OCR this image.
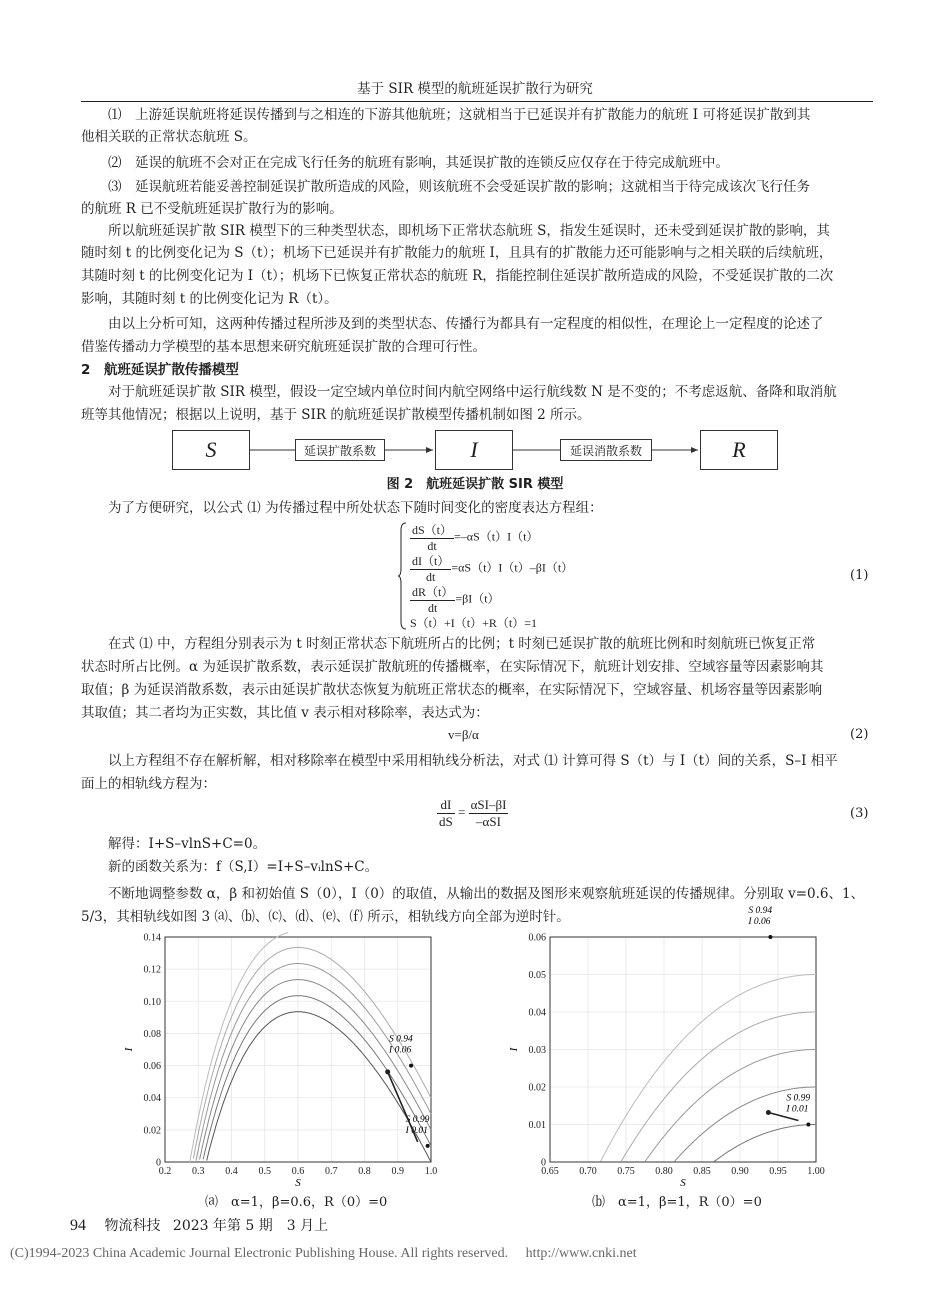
基于 SIR 模型的航班延误扩散行为研究
⑴　上游延误航班将延误传播到与之相连的下游其他航班；这就相当于已延误并有扩散能力的航班 I 可将延误扩散到其
他相关联的正常状态航班 S。
⑵　延误的航班不会对正在完成飞行任务的航班有影响，其延误扩散的连锁反应仅存在于待完成航班中。
⑶　延误航班若能妥善控制延误扩散所造成的风险，则该航班不会受延误扩散的影响；这就相当于待完成该次飞行任务
的航班 R 已不受航班延误扩散行为的影响。
所以航班延误扩散 SIR 模型下的三种类型状态，即机场下正常状态航班 S，指发生延误时，还未受到延误扩散的影响，其
随时刻 t 的比例变化记为 S（t）；机场下已延误并有扩散能力的航班 I，且具有的扩散能力还可能影响与之相关联的后续航班，
其随时刻 t 的比例变化记为 I（t）；机场下已恢复正常状态的航班 R，指能控制住延误扩散所造成的风险，不受延误扩散的二次
影响，其随时刻 t 的比例变化记为 R（t）。
由以上分析可知，这两种传播过程所涉及到的类型状态、传播行为都具有一定程度的相似性，在理论上一定程度的论述了
借鉴传播动力学模型的基本思想来研究航班延误扩散的合理可行性。
2　航班延误扩散传播模型
对于航班延误扩散 SIR 模型，假设一定空域内单位时间内航空网络中运行航线数 N 是不变的；不考虑返航、备降和取消航
班等其他情况；根据以上说明，基于 SIR 的航班延误扩散模型传播机制如图 2 所示。
S	延误扩散系数	I	延误消散系数	R
图 2　航班延误扩散 SIR 模型
为了方便研究，以公式 ⑴ 为传播过程中所处状态下随时间变化的密度表达方程组：
$\frac{dS(t)}{dt} =-\alpha S(t)I(t)$
$\frac{dI(t)}{dt} =\alpha S(t)I(t)-\beta I(t)$
$\frac{dR(t)}{dt} =\beta I(t)$
S（t）+I（t）+R（t）=1
(1)
在式 ⑴ 中，方程组分别表示为 t 时刻正常状态下航班所占的比例；t 时刻已延误扩散的航班比例和时刻航班已恢复正常
状态时所占比例。α 为延误扩散系数，表示延误扩散航班的传播概率，在实际情况下，航班计划安排、空域容量等因素影响其
取值；β 为延误消散系数，表示由延误扩散状态恢复为航班正常状态的概率，在实际情况下，空域容量、机场容量等因素影响
其取值；其二者均为正实数，其比值 v 表示相对移除率，表达式为：
v=β/α	(2)
以上方程组不存在解析解，相对移除率在模型中采用相轨线分析法，对式 ⑴ 计算可得 S（t）与 I（t）间的关系，S–I 相平
面上的相轨线方程为：
$\frac{dI}{dS} = \frac{\text{αSI–βI}}{\text{–αSI}}$	(3)
解得：I+S–vlnS+C=0。
新的函数关系为：f（S,I）=I+S–vᵢlnS+C。
不断地调整参数 α，β 和初始值 S（0），I（0）的取值，从输出的数据及图形来观察航班延误的传播规律。分别取 v=0.6、1、
5/3，其相轨线如图 3 ⒜、⒝、⒞、⒟、⒠、⒡ 所示，相轨线方向全部为逆时针。
0.2 0.3 0.4 0.5 0.6 0.7 0.8 0.9 1.0
0
0.02
0.04
0.06
0.08
0.10
0.12
0.14
S
I
S 0.94
I 0.06
S 0.99
I 0.01
0.65 0.70 0.75 0.80 0.85 0.90 0.95 1.00
0
0.01
0.02
0.03
0.04
0.05
0.06
S
I
S 0.94
I 0.06
S 0.99
I 0.01
⒜　α=1，β=0.6，R（0）=0	⒝　α=1，β=1，R（0）=0
94 物流科技 2023 年第 5 期　3 月上
(C)1994-2023 China Academic Journal Electronic Publishing House. All rights reserved.　 http://www.cnki.net
